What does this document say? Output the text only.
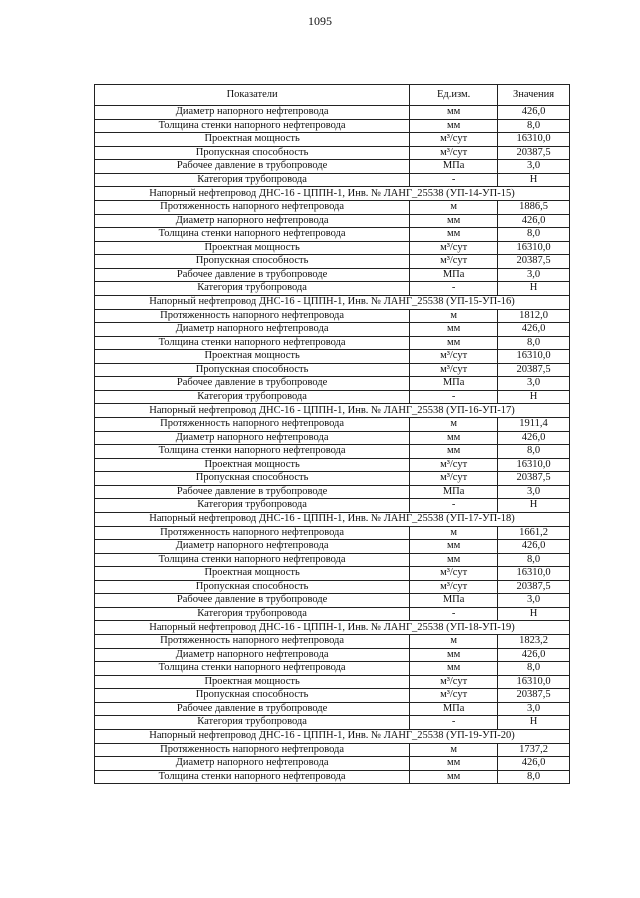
1095
Показатели	Ед.изм.	Значения
Диаметр напорного нефтепровода	мм	426,0
Толщина стенки напорного нефтепровода	мм	8,0
Проектная мощность	м³/сут	16310,0
Пропускная способность	м³/сут	20387,5
Рабочее давление в трубопроводе	МПа	3,0
Категория трубопровода	-	Н
Напорный нефтепровод ДНС-16 - ЦППН-1, Инв. № ЛАНГ_25538 (УП-14-УП-15)		
Протяженность напорного нефтепровода	м	1886,5
Диаметр напорного нефтепровода	мм	426,0
Толщина стенки напорного нефтепровода	мм	8,0
Проектная мощность	м³/сут	16310,0
Пропускная способность	м³/сут	20387,5
Рабочее давление в трубопроводе	МПа	3,0
Категория трубопровода	-	Н
Напорный нефтепровод ДНС-16 - ЦППН-1, Инв. № ЛАНГ_25538 (УП-15-УП-16)		
Протяженность напорного нефтепровода	м	1812,0
Диаметр напорного нефтепровода	мм	426,0
Толщина стенки напорного нефтепровода	мм	8,0
Проектная мощность	м³/сут	16310,0
Пропускная способность	м³/сут	20387,5
Рабочее давление в трубопроводе	МПа	3,0
Категория трубопровода	-	Н
Напорный нефтепровод ДНС-16 - ЦППН-1, Инв. № ЛАНГ_25538 (УП-16-УП-17)		
Протяженность напорного нефтепровода	м	1911,4
Диаметр напорного нефтепровода	мм	426,0
Толщина стенки напорного нефтепровода	мм	8,0
Проектная мощность	м³/сут	16310,0
Пропускная способность	м³/сут	20387,5
Рабочее давление в трубопроводе	МПа	3,0
Категория трубопровода	-	Н
Напорный нефтепровод ДНС-16 - ЦППН-1, Инв. № ЛАНГ_25538 (УП-17-УП-18)		
Протяженность напорного нефтепровода	м	1661,2
Диаметр напорного нефтепровода	мм	426,0
Толщина стенки напорного нефтепровода	мм	8,0
Проектная мощность	м³/сут	16310,0
Пропускная способность	м³/сут	20387,5
Рабочее давление в трубопроводе	МПа	3,0
Категория трубопровода	-	Н
Напорный нефтепровод ДНС-16 - ЦППН-1, Инв. № ЛАНГ_25538 (УП-18-УП-19)		
Протяженность напорного нефтепровода	м	1823,2
Диаметр напорного нефтепровода	мм	426,0
Толщина стенки напорного нефтепровода	мм	8,0
Проектная мощность	м³/сут	16310,0
Пропускная способность	м³/сут	20387,5
Рабочее давление в трубопроводе	МПа	3,0
Категория трубопровода	-	Н
Напорный нефтепровод ДНС-16 - ЦППН-1, Инв. № ЛАНГ_25538 (УП-19-УП-20)		
Протяженность напорного нефтепровода	м	1737,2
Диаметр напорного нефтепровода	мм	426,0
Толщина стенки напорного нефтепровода	мм	8,0
